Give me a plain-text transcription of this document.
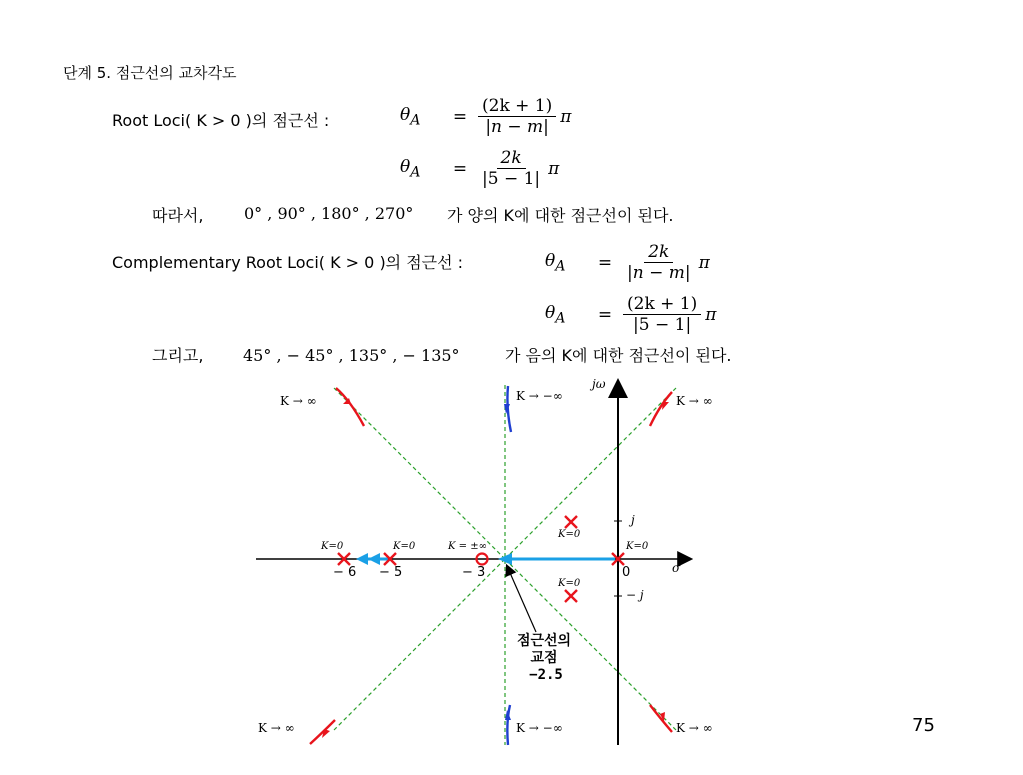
단계 5. 점근선의 교차각도
Root Loci( K > 0 )의 점근선 :	$\theta_A$	= $\frac{(2k + 1)}{|n - m|}$ π
$\theta_A$	= $\frac{2k}{|5 - 1|}$ π
따라서,	0° , 90° , 180° , 270° 가 양의 K에 대한 점근선이 된다.
Complementary Root Loci( K > 0 )의 점근선 :	$\theta_A$	= $\frac{2k}{|n - m|}$ π
$\theta_A$	= $\frac{(2k + 1)}{|5 - 1|}$ π
그리고, 45° , − 45° , 135° , − 135°	가 음의 K에 대한 점근선이 된다.
K → ∞	K → ∞
K → ∞	K → ∞
K → −∞
K → −∞
jω
σ
K=0	K=0	K = ±∞	K=0
K=0
K=0
j
− j
− 6 − 5	− 3	0
점근선의
교점
−2.5
75
